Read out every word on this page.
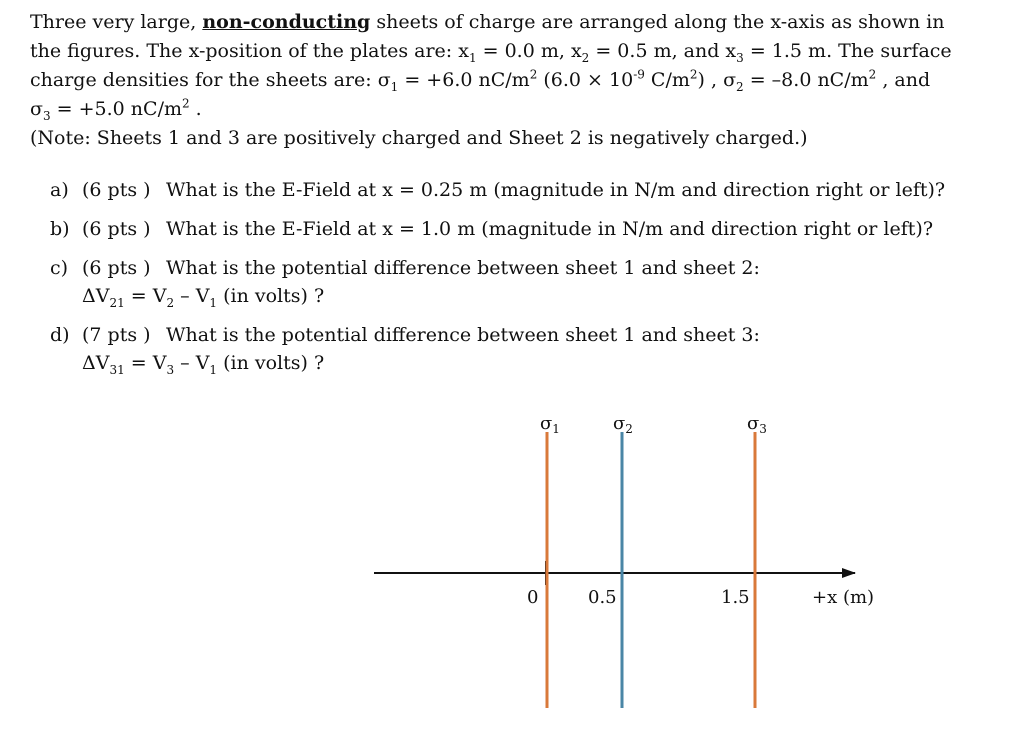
Three very large, non-conducting sheets of charge are arranged along the x-axis as shown in

the figures. The x-position of the plates are: $x_1 = 0.0$ m, $x_2 = 0.5$ m, and $x_3 = 1.5$ m. The surface

charge densities for the sheets are: $\sigma_1 = +6.0$ $nC/m^2$ ($6.0 \times 10^{-9}$ $C/m^2$) , $\sigma_2 = -8.0$ $nC/m^2$ , and

$\sigma_3 = +5.0$ $nC/m^2$ .

(Note: Sheets 1 and 3 are positively charged and Sheet 2 is negatively charged.)

a) (6 pts ) What is the E-Field at x = 0.25 m (magnitude in N/m and direction right or left)?
b) (6 pts ) What is the E-Field at x = 1.0 m (magnitude in N/m and direction right or left)?
c) (6 pts ) What is the potential difference between sheet 1 and sheet 2:
$\Delta V_{21} = V_2 - V_1$ (in volts) ?
d) (7 pts ) What is the potential difference between sheet 1 and sheet 3:
$\Delta V_{31} = V_3 - V_1$ (in volts) ?
$\sigma_1$	$\sigma_2$	$\sigma_3$
0	0.5	1.5	+x (m)
